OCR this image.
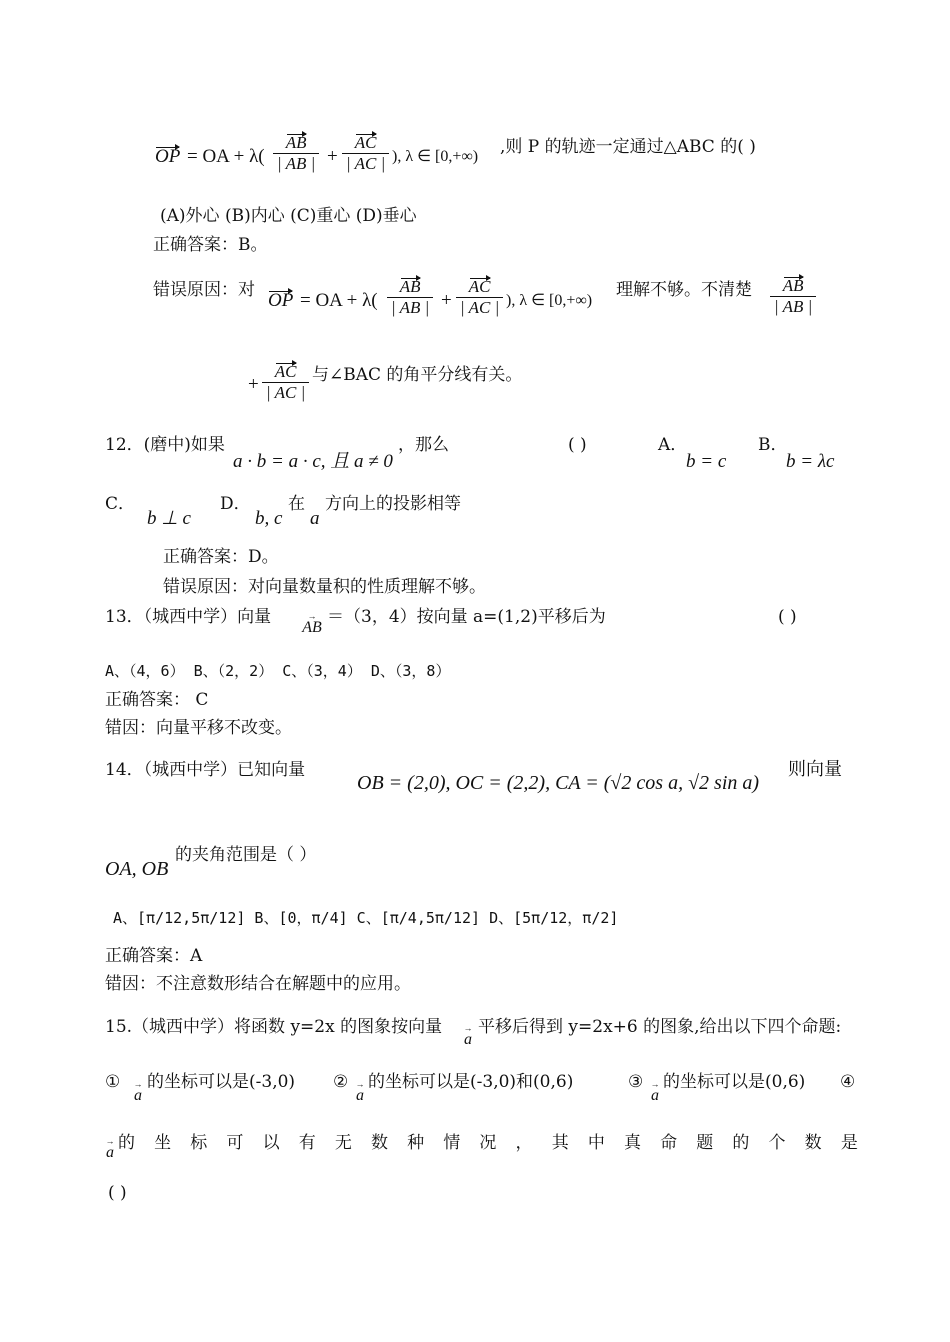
OP = OA + λ(
AB
| AB | +
AC
| AC | ), λ ∈ [0,+∞) ,则 P 的轨迹一定通过△ABC 的( )
(A)外心 (B)内心 (C)重心 (D)垂心
正确答案：B。
错误原因：对 OP = OA + λ(
AB
| AB | +
AC
| AC | ), λ ∈ [0,+∞)
理解不够。不清楚	AB
| AB |
+
AC
| AC |
与∠BAC 的角平分线有关。
12．(磨中)如果
a · b = a · c, 且 a ≠ 0
，那么	( )	A．
b = c
B．
b = λc
C．
b ⊥ c
D．
b, c
在
a
方向上的投影相等
正确答案：D。
错误原因：对向量数量积的性质理解不够。
13．（城西中学）向量	→
AB
＝（3，4）按向量 a=(1,2)平移后为	( )
A、（4，6） B、（2，2） C、（3，4） D、（3，8）
正确答案： C
错因：向量平移不改变。
14．（城西中学）已知向量
OB = (2,0), OC = (2,2), CA = (√2 cos a, √2 sin a)
则向量
OA, OB
的夹角范围是（ ）
A、[π/12,5π/12] B、[0，π/4] C、[π/4,5π/12] D、[5π/12，π/2]
正确答案：A
错因：不注意数形结合在解题中的应用。
15.（城西中学）将函数 y=2x 的图象按向量 →
a
平移后得到 y=2x+6 的图象,给出以下四个命题:
① →
a
的坐标可以是(-3,0) ② →
a
的坐标可以是(-3,0)和(0,6)	③ →
a
的坐标可以是(0,6) ④
→
a 的 坐 标 可 以 有 无 数 种 情 况 ， 其 中 真 命 题 的 个 数 是
( )
